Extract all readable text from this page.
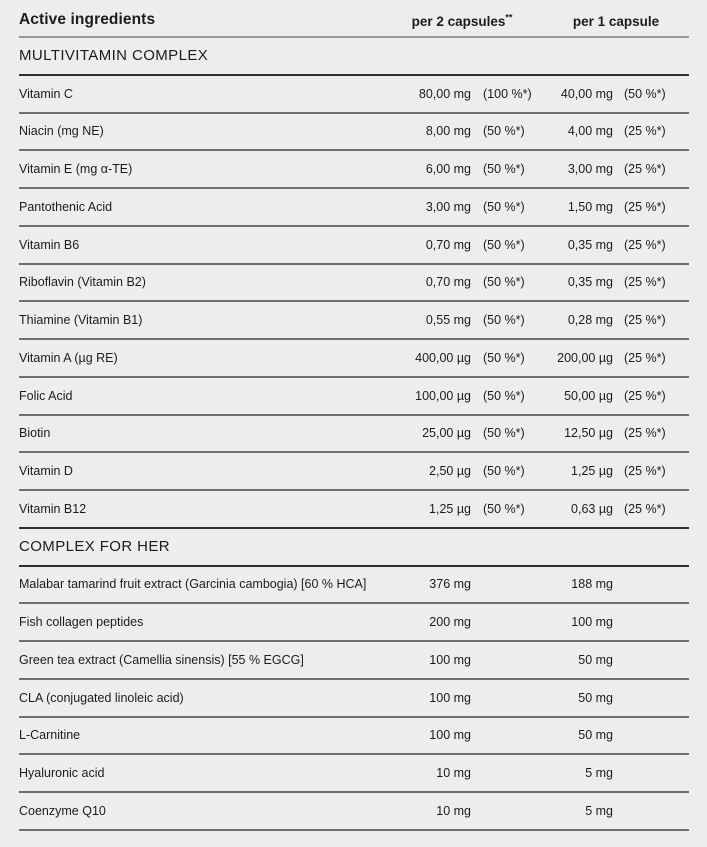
Active ingredients	per 2 capsules**	per 1 capsule
MULTIVITAMIN COMPLEX
Vitamin C	80,00 mg (100 %*)	40,00 mg (50 %*)
Niacin (mg NE)	8,00 mg (50 %*)	4,00 mg (25 %*)
Vitamin E (mg α-TE)	6,00 mg (50 %*)	3,00 mg (25 %*)
Pantothenic Acid	3,00 mg (50 %*)	1,50 mg (25 %*)
Vitamin B6	0,70 mg (50 %*)	0,35 mg (25 %*)
Riboflavin (Vitamin B2)	0,70 mg (50 %*)	0,35 mg (25 %*)
Thiamine (Vitamin B1)	0,55 mg (50 %*)	0,28 mg (25 %*)
Vitamin A (µg RE)	400,00 µg (50 %*)	200,00 µg (25 %*)
Folic Acid	100,00 µg (50 %*)	50,00 µg (25 %*)
Biotin	25,00 µg (50 %*)	12,50 µg (25 %*)
Vitamin D	2,50 µg (50 %*)	1,25 µg (25 %*)
Vitamin B12	1,25 µg (50 %*)	0,63 µg (25 %*)
COMPLEX FOR HER
Malabar tamarind fruit extract (Garcinia cambogia) [60 % HCA]	376 mg	188 mg
Fish collagen peptides	200 mg	100 mg
Green tea extract (Camellia sinensis) [55 % EGCG]	100 mg	50 mg
CLA (conjugated linoleic acid)	100 mg	50 mg
L-Carnitine	100 mg	50 mg
Hyaluronic acid	10 mg	5 mg
Coenzyme Q10	10 mg	5 mg
